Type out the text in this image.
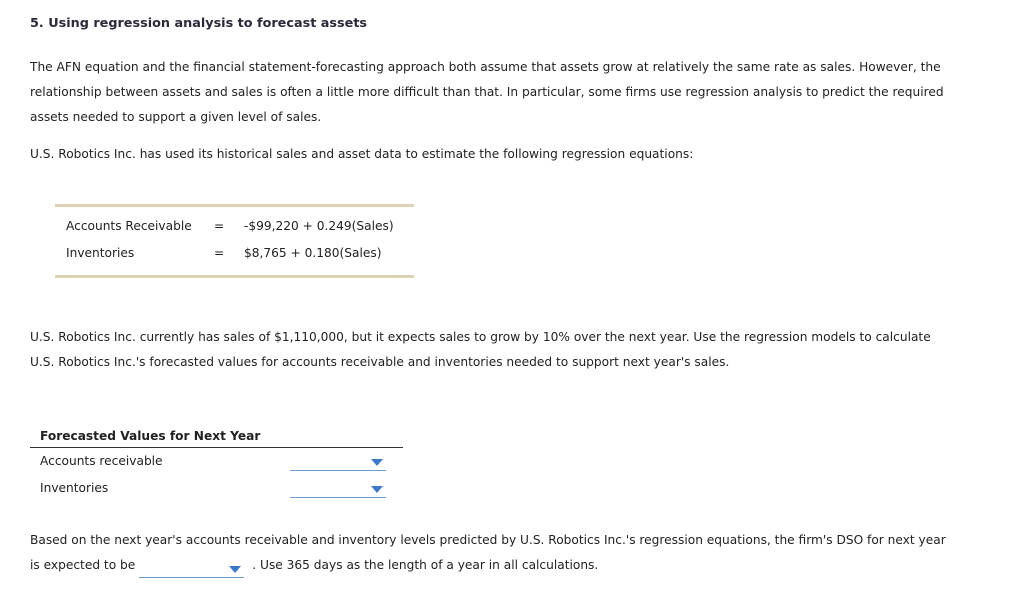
5. Using regression analysis to forecast assets
The AFN equation and the financial statement-forecasting approach both assume that assets grow at relatively the same rate as sales. However, the
relationship between assets and sales is often a little more difficult than that. In particular, some firms use regression analysis to predict the required
assets needed to support a given level of sales.
U.S. Robotics Inc. has used its historical sales and asset data to estimate the following regression equations:
Accounts Receivable = -$99,220 + 0.249(Sales)
Inventories	= $8,765 + 0.180(Sales)
U.S. Robotics Inc. currently has sales of $1,110,000, but it expects sales to grow by 10% over the next year. Use the regression models to calculate
U.S. Robotics Inc.'s forecasted values for accounts receivable and inventories needed to support next year's sales.
Forecasted Values for Next Year
Accounts receivable
Inventories
Based on the next year's accounts receivable and inventory levels predicted by U.S. Robotics Inc.'s regression equations, the firm's DSO for next year
is expected to be	. Use 365 days as the length of a year in all calculations.
